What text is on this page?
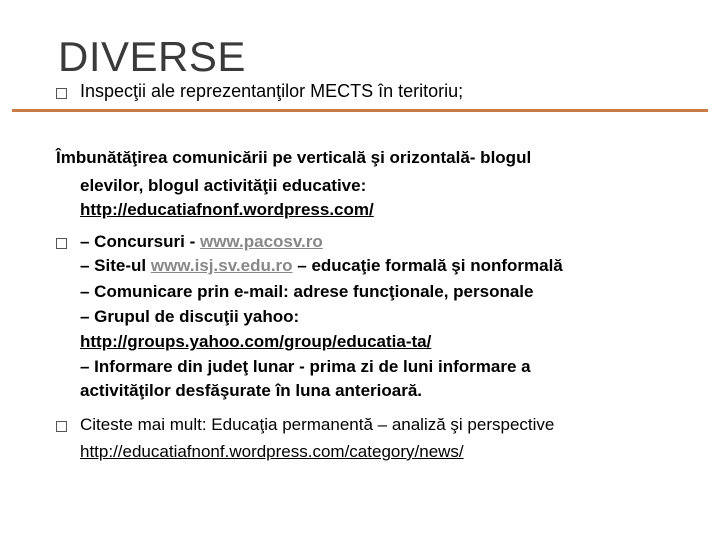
DIVERSE
Inspecţii ale reprezentanţilor MECTS în teritoriu;
Îmbunătăţirea comunicării pe verticală şi orizontală- blogul
elevilor, blogul activităţii educative:
http://educatiafnonf.wordpress.com/
– Concursuri - www.pacosv.ro
– Site-ul www.isj.sv.edu.ro – educaţie formală şi nonformală
– Comunicare prin e-mail: adrese funcţionale, personale
– Grupul de discuţii yahoo:
http://groups.yahoo.com/group/educatia-ta/
– Informare din judeţ lunar - prima zi de luni informare a
activităţilor desfăşurate în luna anterioară.
Citeste mai mult: Educaţia permanentă – analiză şi perspective
http://educatiafnonf.wordpress.com/category/news/
